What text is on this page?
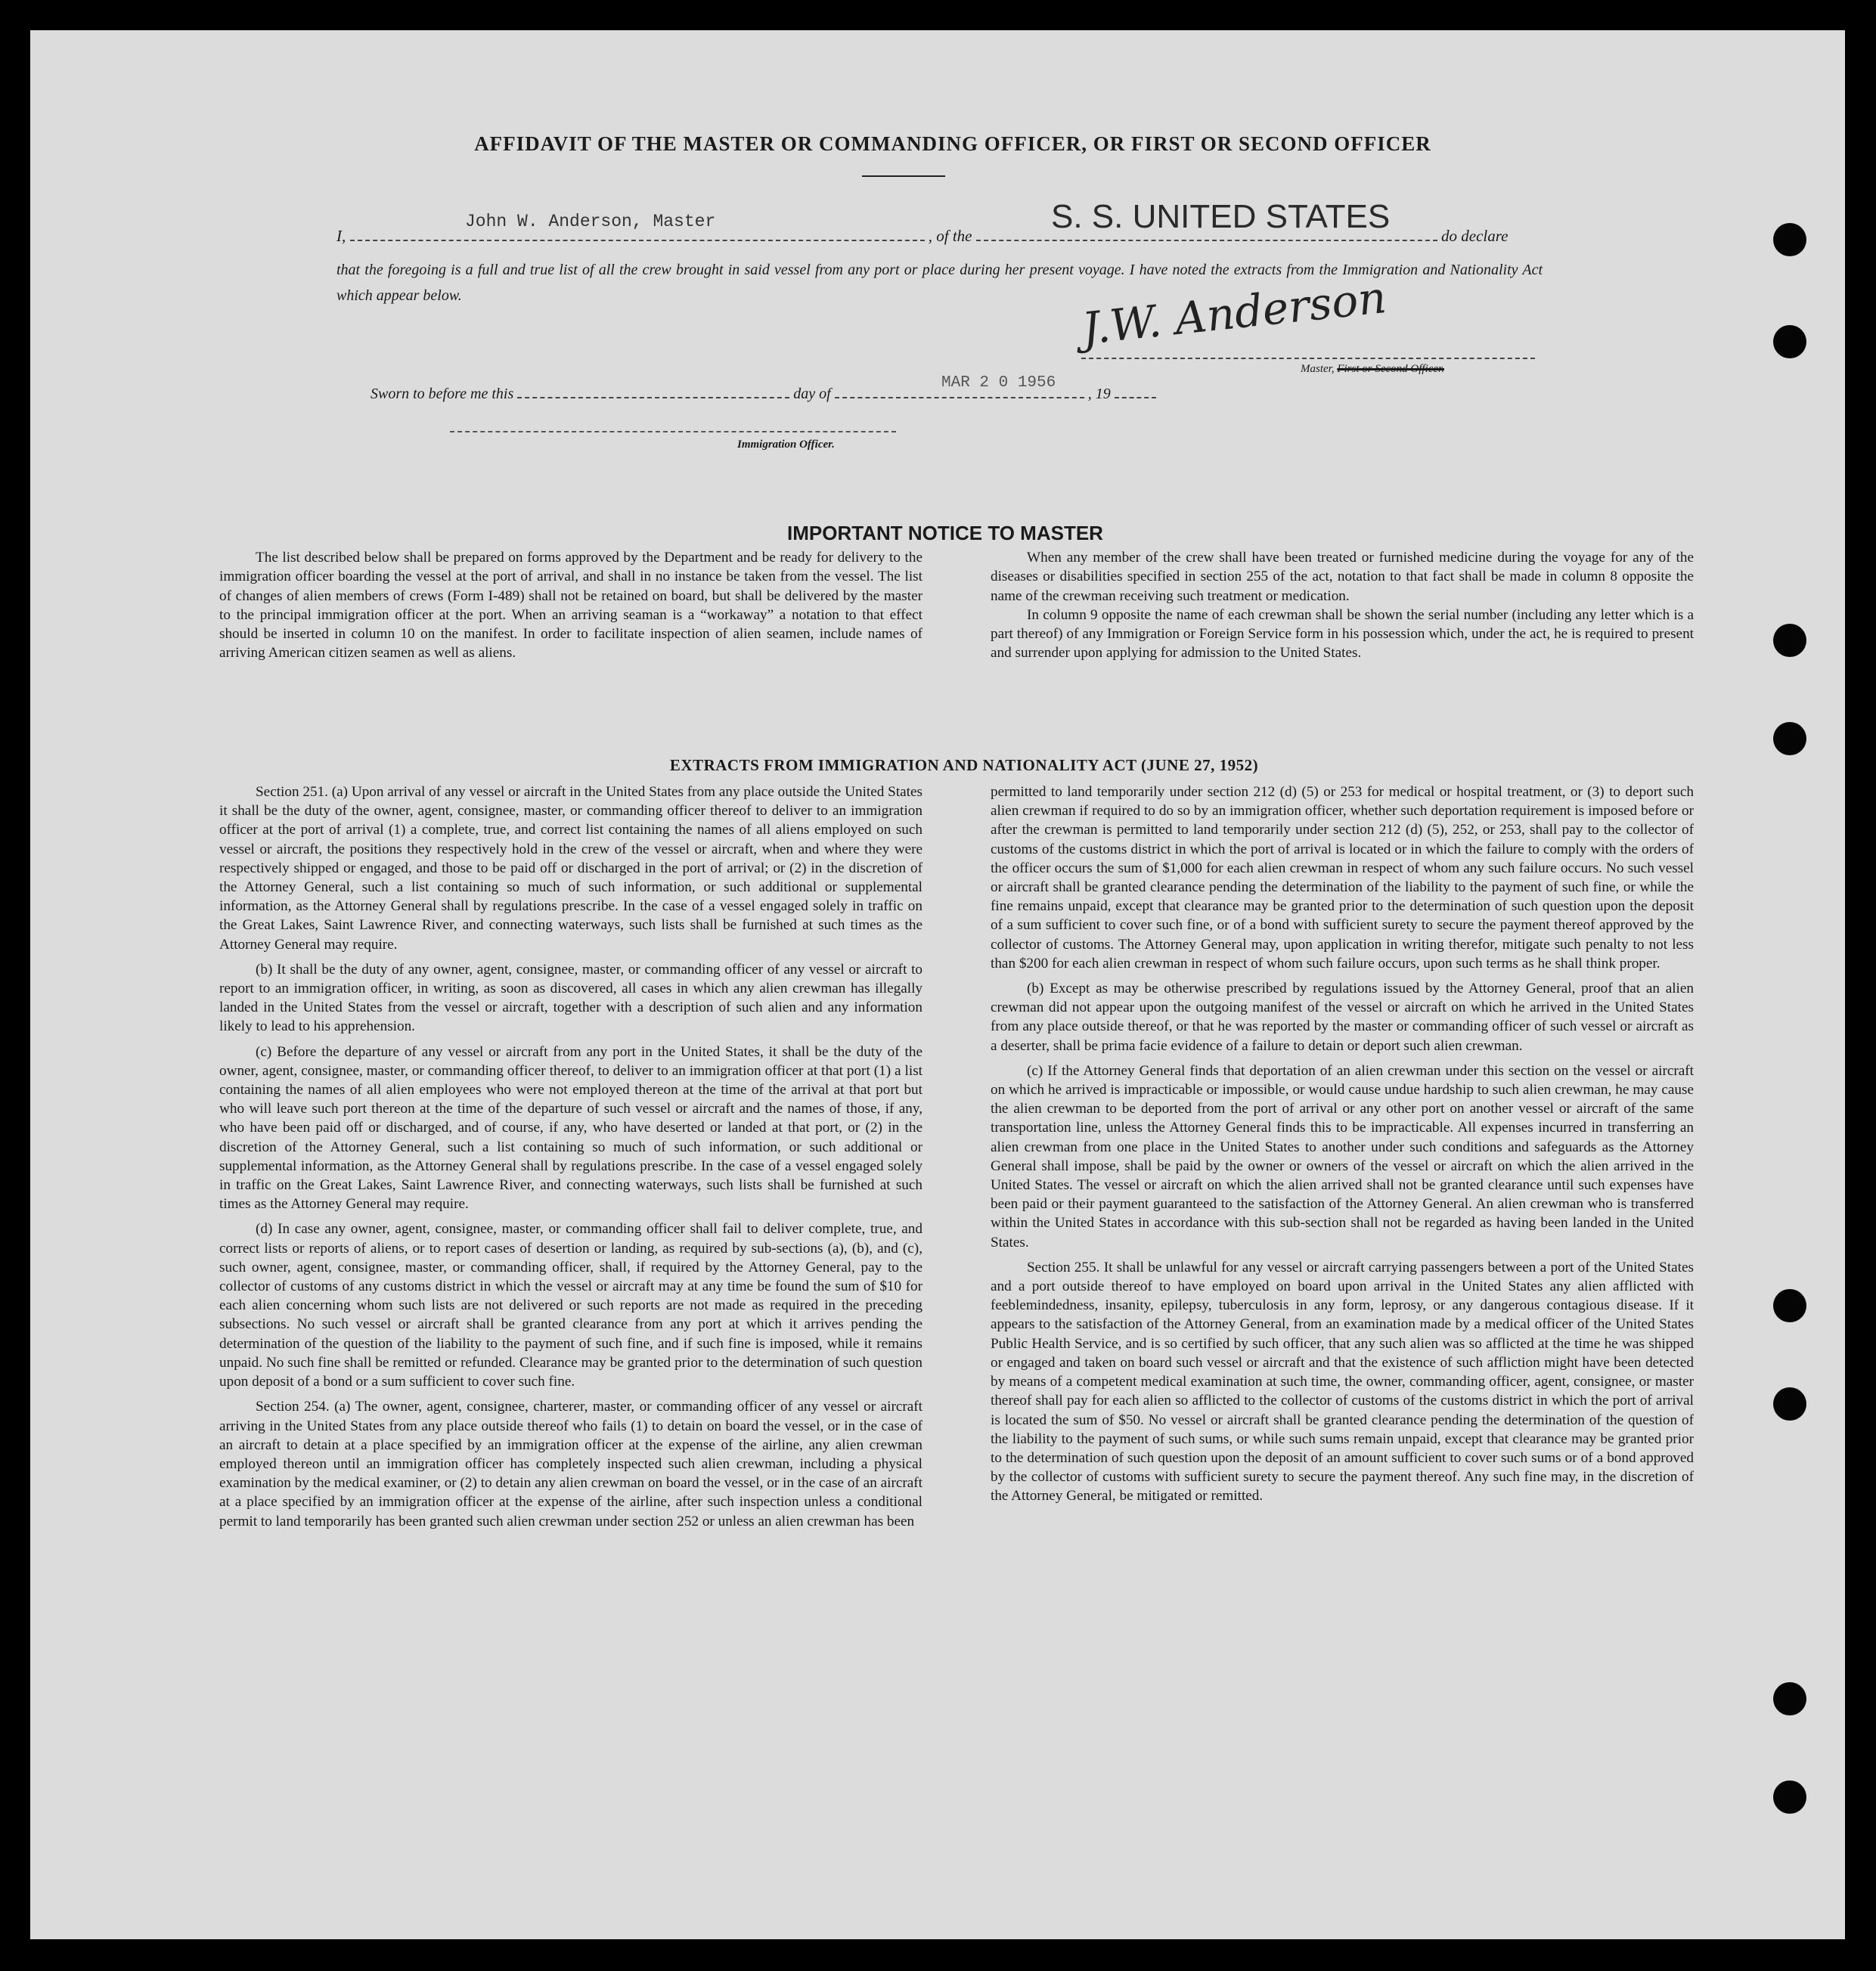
AFFIDAVIT OF THE MASTER OR COMMANDING OFFICER, OR FIRST OR SECOND OFFICER
John W. Anderson, Master	S. S. UNITED STATES
I,	, of the	do declare
that the foregoing is a full and true list of all the crew brought in said vessel from any port or place during her present voyage. I have noted the extracts from the Immigration and Nationality Act which appear below.	J.W. Anderson
Master, First or Second Officer.
Sworn to before me this	day of	, 19
MAR 2 0 1956
Immigration Officer.
IMPORTANT NOTICE TO MASTER

The list described below shall be prepared on forms approved by the Department and be ready for delivery to the immigration officer boarding the vessel at the port of arrival, and shall in no instance be taken from the vessel. The list of changes of alien members of crews (Form I-489) shall not be retained on board, but shall be delivered by the master to the principal immigration officer at the port. When an arriving seaman is a “workaway” a notation to that effect should be inserted in column 10 on the manifest. In order to facilitate inspection of alien seamen, include names of arriving American citizen seamen as well as aliens.

When any member of the crew shall have been treated or furnished medicine during the voyage for any of the diseases or disabilities specified in section 255 of the act, notation to that fact shall be made in column 8 opposite the name of the crewman receiving such treatment or medication.

In column 9 opposite the name of each crewman shall be shown the serial number (including any letter which is a part thereof) of any Immigration or Foreign Service form in his possession which, under the act, he is required to present and surrender upon applying for admission to the United States.

EXTRACTS FROM IMMIGRATION AND NATIONALITY ACT (JUNE 27, 1952)

Section 251. (a) Upon arrival of any vessel or aircraft in the United States from any place outside the United States it shall be the duty of the owner, agent, consignee, master, or commanding officer thereof to deliver to an immigration officer at the port of arrival (1) a complete, true, and correct list containing the names of all aliens employed on such vessel or aircraft, the positions they respectively hold in the crew of the vessel or aircraft, when and where they were respectively shipped or engaged, and those to be paid off or discharged in the port of arrival; or (2) in the discretion of the Attorney General, such a list containing so much of such information, or such additional or supplemental information, as the Attorney General shall by regulations prescribe. In the case of a vessel engaged solely in traffic on the Great Lakes, Saint Lawrence River, and connecting waterways, such lists shall be furnished at such times as the Attorney General may require.

(b) It shall be the duty of any owner, agent, consignee, master, or commanding officer of any vessel or aircraft to report to an immigration officer, in writing, as soon as discovered, all cases in which any alien crewman has illegally landed in the United States from the vessel or aircraft, together with a description of such alien and any information likely to lead to his apprehension.

(c) Before the departure of any vessel or aircraft from any port in the United States, it shall be the duty of the owner, agent, consignee, master, or commanding officer thereof, to deliver to an immigration officer at that port (1) a list containing the names of all alien employees who were not employed thereon at the time of the arrival at that port but who will leave such port thereon at the time of the departure of such vessel or aircraft and the names of those, if any, who have been paid off or discharged, and of course, if any, who have deserted or landed at that port, or (2) in the discretion of the Attorney General, such a list containing so much of such information, or such additional or supplemental information, as the Attorney General shall by regulations prescribe. In the case of a vessel engaged solely in traffic on the Great Lakes, Saint Lawrence River, and connecting waterways, such lists shall be furnished at such times as the Attorney General may require.

(d) In case any owner, agent, consignee, master, or commanding officer shall fail to deliver complete, true, and correct lists or reports of aliens, or to report cases of desertion or landing, as required by sub-sections (a), (b), and (c), such owner, agent, consignee, master, or commanding officer, shall, if required by the Attorney General, pay to the collector of customs of any customs district in which the vessel or aircraft may at any time be found the sum of $10 for each alien concerning whom such lists are not delivered or such reports are not made as required in the preceding subsections. No such vessel or aircraft shall be granted clearance from any port at which it arrives pending the determination of the question of the liability to the payment of such fine, and if such fine is imposed, while it remains unpaid. No such fine shall be remitted or refunded. Clearance may be granted prior to the determination of such question upon deposit of a bond or a sum sufficient to cover such fine.

Section 254. (a) The owner, agent, consignee, charterer, master, or commanding officer of any vessel or aircraft arriving in the United States from any place outside thereof who fails (1) to detain on board the vessel, or in the case of an aircraft to detain at a place specified by an immigration officer at the expense of the airline, any alien crewman employed thereon until an immigration officer has completely inspected such alien crewman, including a physical examination by the medical examiner, or (2) to detain any alien crewman on board the vessel, or in the case of an aircraft at a place specified by an immigration officer at the expense of the airline, after such inspection unless a conditional permit to land temporarily has been granted such alien crewman under section 252 or unless an alien crewman has been

permitted to land temporarily under section 212 (d) (5) or 253 for medical or hospital treatment, or (3) to deport such alien crewman if required to do so by an immigration officer, whether such deportation requirement is imposed before or after the crewman is permitted to land temporarily under section 212 (d) (5), 252, or 253, shall pay to the collector of customs of the customs district in which the port of arrival is located or in which the failure to comply with the orders of the officer occurs the sum of $1,000 for each alien crewman in respect of whom any such failure occurs. No such vessel or aircraft shall be granted clearance pending the determination of the liability to the payment of such fine, or while the fine remains unpaid, except that clearance may be granted prior to the determination of such question upon the deposit of a sum sufficient to cover such fine, or of a bond with sufficient surety to secure the payment thereof approved by the collector of customs. The Attorney General may, upon application in writing therefor, mitigate such penalty to not less than $200 for each alien crewman in respect of whom such failure occurs, upon such terms as he shall think proper.

(b) Except as may be otherwise prescribed by regulations issued by the Attorney General, proof that an alien crewman did not appear upon the outgoing manifest of the vessel or aircraft on which he arrived in the United States from any place outside thereof, or that he was reported by the master or commanding officer of such vessel or aircraft as a deserter, shall be prima facie evidence of a failure to detain or deport such alien crewman.

(c) If the Attorney General finds that deportation of an alien crewman under this section on the vessel or aircraft on which he arrived is impracticable or impossible, or would cause undue hardship to such alien crewman, he may cause the alien crewman to be deported from the port of arrival or any other port on another vessel or aircraft of the same transportation line, unless the Attorney General finds this to be impracticable. All expenses incurred in transferring an alien crewman from one place in the United States to another under such conditions and safeguards as the Attorney General shall impose, shall be paid by the owner or owners of the vessel or aircraft on which the alien arrived in the United States. The vessel or aircraft on which the alien arrived shall not be granted clearance until such expenses have been paid or their payment guaranteed to the satisfaction of the Attorney General. An alien crewman who is transferred within the United States in accordance with this sub-section shall not be regarded as having been landed in the United States.

Section 255. It shall be unlawful for any vessel or aircraft carrying passengers between a port of the United States and a port outside thereof to have employed on board upon arrival in the United States any alien afflicted with feeblemindedness, insanity, epilepsy, tuberculosis in any form, leprosy, or any dangerous contagious disease. If it appears to the satisfaction of the Attorney General, from an examination made by a medical officer of the United States Public Health Service, and is so certified by such officer, that any such alien was so afflicted at the time he was shipped or engaged and taken on board such vessel or aircraft and that the existence of such affliction might have been detected by means of a competent medical examination at such time, the owner, commanding officer, agent, consignee, or master thereof shall pay for each alien so afflicted to the collector of customs of the customs district in which the port of arrival is located the sum of $50. No vessel or aircraft shall be granted clearance pending the determination of the question of the liability to the payment of such sums, or while such sums remain unpaid, except that clearance may be granted prior to the determination of such question upon the deposit of an amount sufficient to cover such sums or of a bond approved by the collector of customs with sufficient surety to secure the payment thereof. Any such fine may, in the discretion of the Attorney General, be mitigated or remitted.
